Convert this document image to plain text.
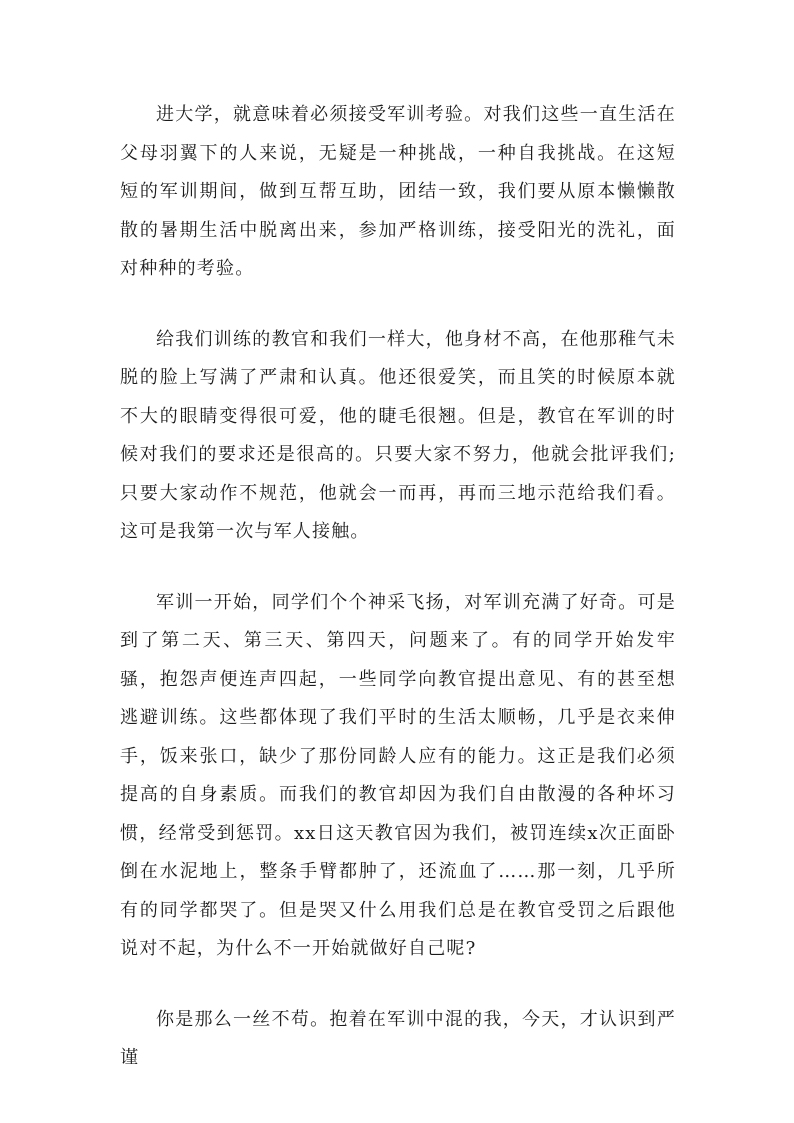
进大学，就意味着必须接受军训考验。对我们这些一直生活在父母羽翼下的人来说，无疑是一种挑战，一种自我挑战。在这短短的军训期间，做到互帮互助，团结一致，我们要从原本懒懒散散的暑期生活中脱离出来，参加严格训练，接受阳光的洗礼，面对种种的考验。

给我们训练的教官和我们一样大，他身材不高，在他那稚气未脱的脸上写满了严肃和认真。他还很爱笑，而且笑的时候原本就不大的眼睛变得很可爱，他的睫毛很翘。但是，教官在军训的时候对我们的要求还是很高的。只要大家不努力，他就会批评我们;只要大家动作不规范，他就会一而再，再而三地示范给我们看。这可是我第一次与军人接触。

军训一开始，同学们个个神采飞扬，对军训充满了好奇。可是到了第二天、第三天、第四天，问题来了。有的同学开始发牢骚，抱怨声便连声四起，一些同学向教官提出意见、有的甚至想逃避训练。这些都体现了我们平时的生活太顺畅，几乎是衣来伸手，饭来张口，缺少了那份同龄人应有的能力。这正是我们必须提高的自身素质。而我们的教官却因为我们自由散漫的各种坏习惯，经常受到惩罚。xx日这天教官因为我们，被罚连续x次正面卧倒在水泥地上，整条手臂都肿了，还流血了……那一刻，几乎所有的同学都哭了。但是哭又什么用我们总是在教官受罚之后跟他说对不起，为什么不一开始就做好自己呢?

你是那么一丝不苟。抱着在军训中混的我，今天，才认识到严谨
